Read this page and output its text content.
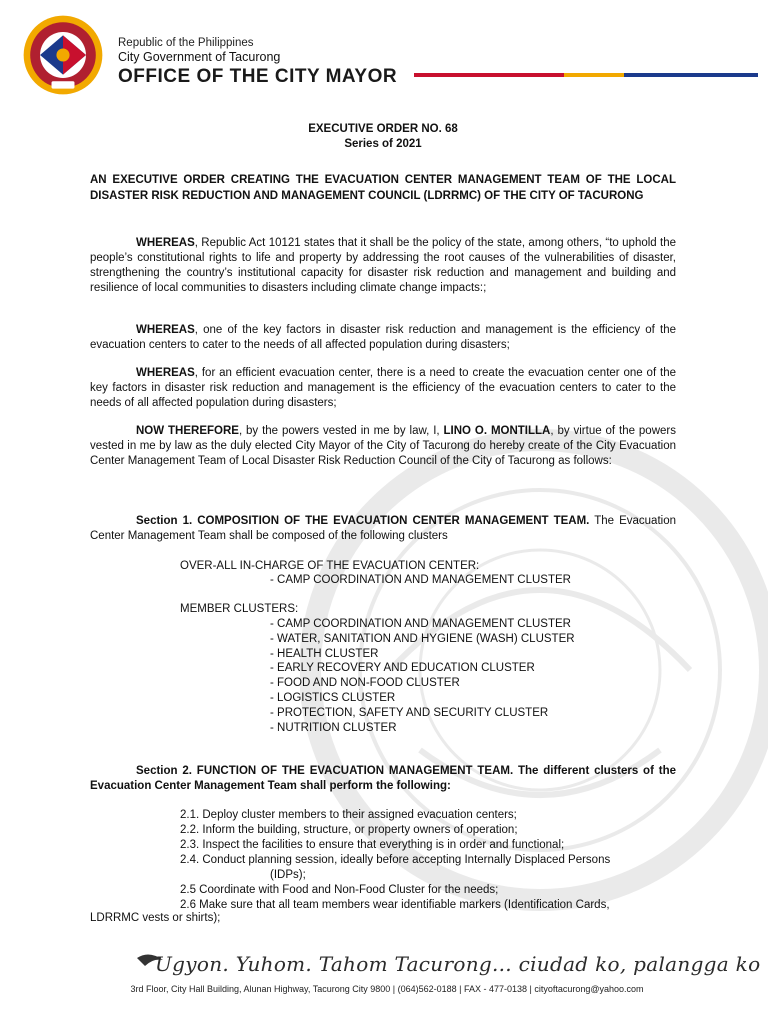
Republic of the Philippines
City Government of Tacurong
OFFICE OF THE CITY MAYOR
EXECUTIVE ORDER NO. 68
Series of 2021
AN EXECUTIVE ORDER CREATING THE EVACUATION CENTER MANAGEMENT TEAM OF THE LOCAL DISASTER RISK REDUCTION AND MANAGEMENT COUNCIL (LDRRMC) OF THE CITY OF TACURONG
WHEREAS, Republic Act 10121 states that it shall be the policy of the state, among others, “to uphold the people’s constitutional rights to life and property by addressing the root causes of the vulnerabilities of disaster, strengthening the country’s institutional capacity for disaster risk reduction and management and building and resilience of local communities to disasters including climate change impacts:;
WHEREAS, one of the key factors in disaster risk reduction and management is the efficiency of the evacuation centers to cater to the needs of all affected population during disasters;
WHEREAS, for an efficient evacuation center, there is a need to create the evacuation center one of the key factors in disaster risk reduction and management is the efficiency of the evacuation centers to cater to the needs of all affected population during disasters;
NOW THEREFORE, by the powers vested in me by law, I, LINO O. MONTILLA, by virtue of the powers vested in me by law as the duly elected City Mayor of the City of Tacurong do hereby create of the City Evacuation Center Management Team of Local Disaster Risk Reduction Council of the City of Tacurong as follows:
Section 1. COMPOSITION OF THE EVACUATION CENTER MANAGEMENT TEAM. The Evacuation Center Management Team shall be composed of the following clusters
OVER-ALL IN-CHARGE OF THE EVACUATION CENTER:
- CAMP COORDINATION AND MANAGEMENT CLUSTER
MEMBER CLUSTERS:
- CAMP COORDINATION AND MANAGEMENT CLUSTER
- WATER, SANITATION AND HYGIENE (WASH) CLUSTER
- HEALTH CLUSTER
- EARLY RECOVERY AND EDUCATION CLUSTER
- FOOD AND NON-FOOD CLUSTER
- LOGISTICS CLUSTER
- PROTECTION, SAFETY AND SECURITY CLUSTER
- NUTRITION CLUSTER
Section 2. FUNCTION OF THE EVACUATION MANAGEMENT TEAM. The different clusters of the Evacuation Center Management Team shall perform the following:
2.1. Deploy cluster members to their assigned evacuation centers;
2.2. Inform the building, structure, or property owners of operation;
2.3. Inspect the facilities to ensure that everything is in order and functional;
2.4. Conduct planning session, ideally before accepting Internally Displaced Persons
(IDPs);
2.5 Coordinate with Food and Non-Food Cluster for the needs;
2.6 Make sure that all team members wear identifiable markers (Identification Cards,
LDRRMC vests or shirts);
Ugyon. Yuhom. Tahom Tacurong... ciudad ko, palangga ko
3rd Floor, City Hall Building, Alunan Highway, Tacurong City 9800 | (064)562-0188 | FAX - 477-0138 | cityoftacurong@yahoo.com
